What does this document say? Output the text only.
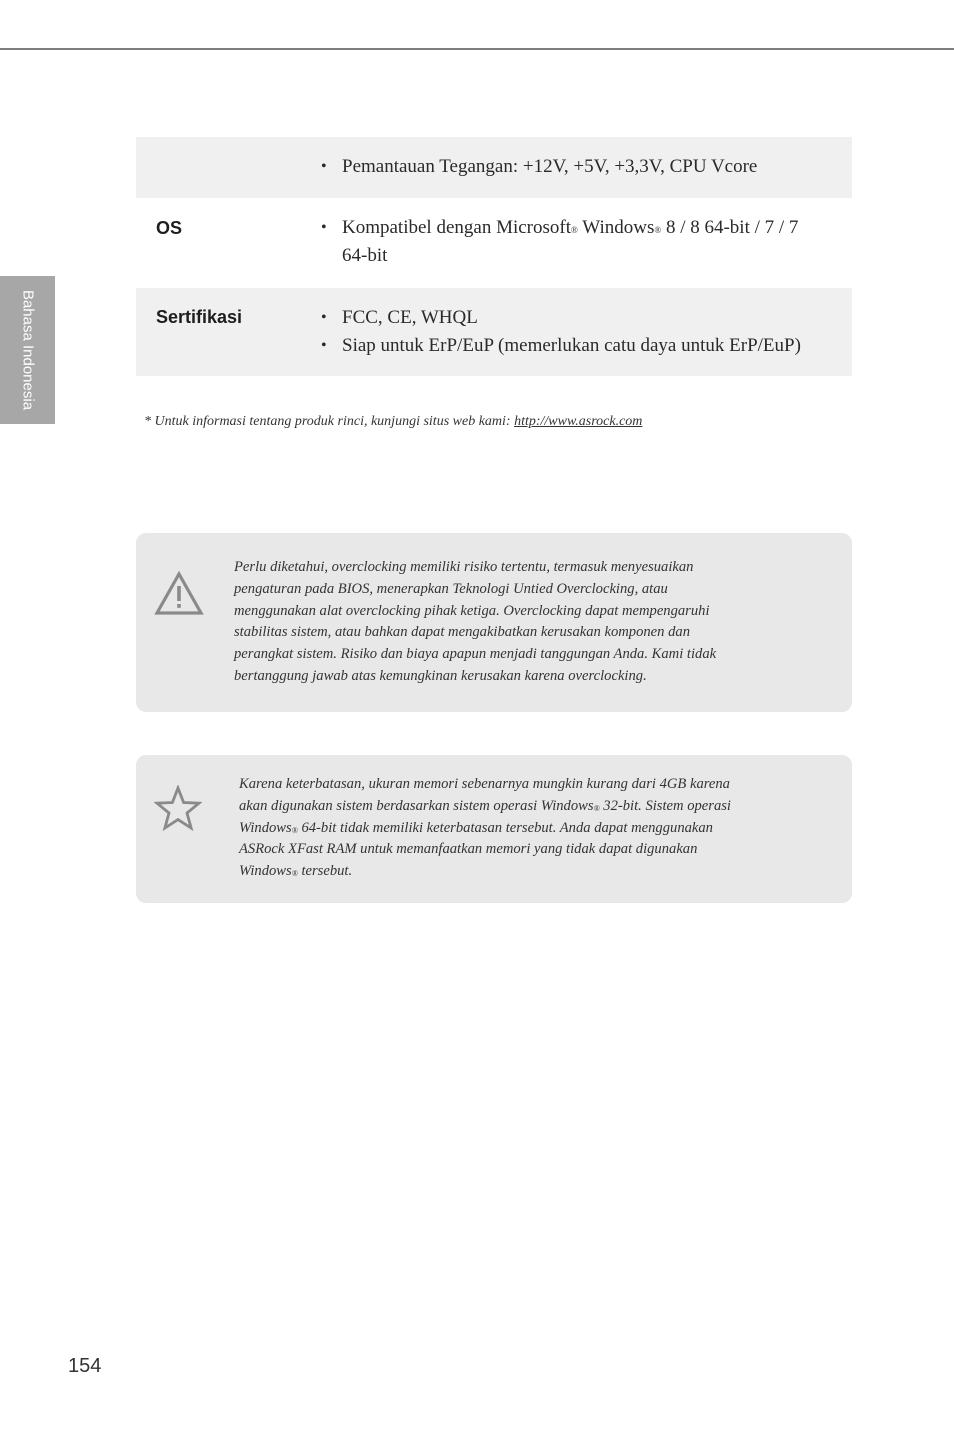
Bahasa Indonesia
• Pemantauan Tegangan: +12V, +5V, +3,3V, CPU Vcore
OS	• Kompatibel dengan Microsoft® Windows® 8 / 8 64-bit / 7 / 7 64-bit
Sertifikasi	• FCC, CE, WHQL
• Siap untuk ErP/EuP (memerlukan catu daya untuk ErP/EuP)
* Untuk informasi tentang produk rinci, kunjungi situs web kami: http://www.asrock.com
Perlu diketahui, overclocking memiliki risiko tertentu, termasuk menyesuaikan
pengaturan pada BIOS, menerapkan Teknologi Untied Overclocking, atau
menggunakan alat overclocking pihak ketiga. Overclocking dapat mempengaruhi
stabilitas sistem, atau bahkan dapat mengakibatkan kerusakan komponen dan
perangkat sistem. Risiko dan biaya apapun menjadi tanggungan Anda. Kami tidak
bertanggung jawab atas kemungkinan kerusakan karena overclocking.
Karena keterbatasan, ukuran memori sebenarnya mungkin kurang dari 4GB karena
akan digunakan sistem berdasarkan sistem operasi Windows® 32-bit. Sistem operasi
Windows® 64-bit tidak memiliki keterbatasan tersebut. Anda dapat menggunakan
ASRock XFast RAM untuk memanfaatkan memori yang tidak dapat digunakan
Windows® tersebut.
154
